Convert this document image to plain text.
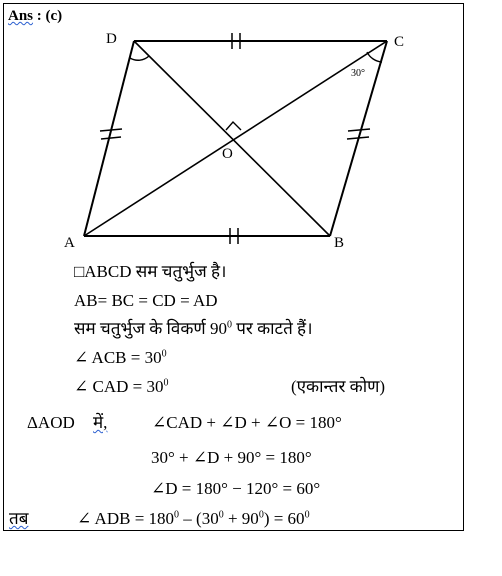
Ans : (c)
D	C
A	B
O
30°
□ABCD सम चतुर्भुज है।
AB= BC = CD = AD
सम चतुर्भुज के विकर्ण $90^0$ पर काटते हैं।
∠ ACB = $30^0$
∠ CAD = $30^0$	(एकान्तर कोण)
ΔAOD में,	∠CAD + ∠D + ∠O = 180°
30° + ∠D + 90° = 180°
∠D = 180° − 120° = 60°
तब	∠ ADB = $180^0 - (30^0 + 90^0) = 60^0$
